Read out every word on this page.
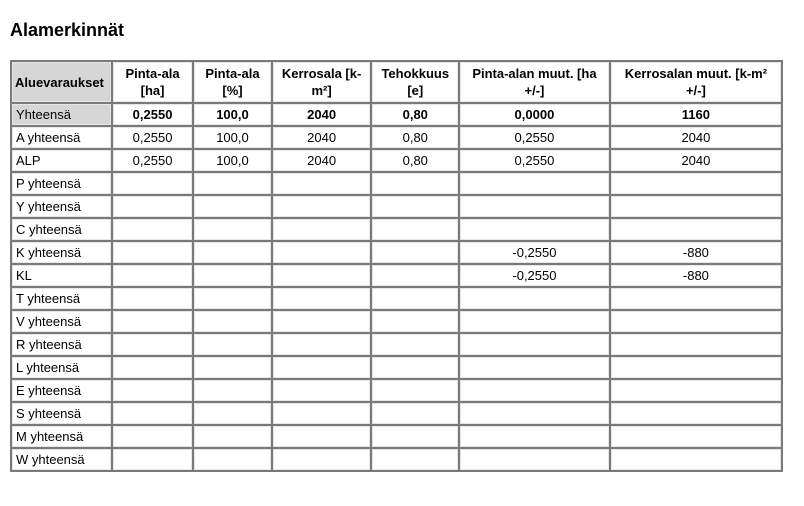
Alamerkinnät
Aluevaraukset	Pinta-ala [ha]	Pinta-ala [%]	Kerrosala [k-m²]	Tehokkuus [e]	Pinta-alan muut. [ha +/-]	Kerrosalan muut. [k-m² +/-]
Yhteensä	0,2550	100,0	2040	0,80	0,0000	1160
A yhteensä	0,2550	100,0	2040	0,80	0,2550	2040
ALP	0,2550	100,0	2040	0,80	0,2550	2040
P yhteensä						
Y yhteensä						
C yhteensä						
K yhteensä					-0,2550	-880
KL					-0,2550	-880
T yhteensä						
V yhteensä						
R yhteensä						
L yhteensä						
E yhteensä						
S yhteensä						
M yhteensä						
W yhteensä						
